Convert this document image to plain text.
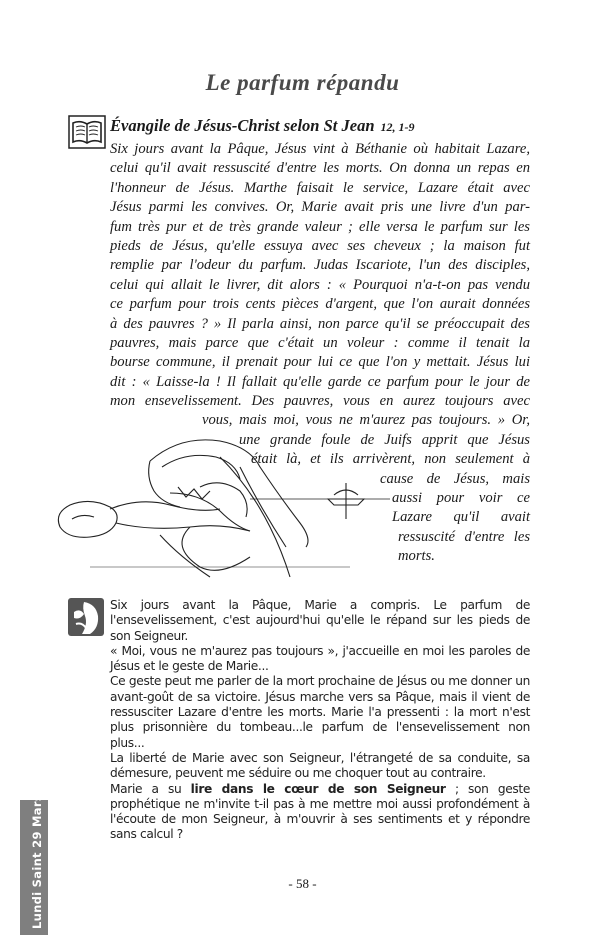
Le parfum répandu
Évangile de Jésus-Christ selon St Jean 12, 1-9
Six jours avant la Pâque, Jésus vint à Béthanie où habitait Lazare,
celui qu'il avait ressuscité d'entre les morts. On donna un repas en
l'honneur de Jésus. Marthe faisait le service, Lazare était avec
Jésus parmi les convives. Or, Marie avait pris une livre d'un par-
fum très pur et de très grande valeur ; elle versa le parfum sur les
pieds de Jésus, qu'elle essuya avec ses cheveux ; la maison fut
remplie par l'odeur du parfum. Judas Iscariote, l'un des disciples,
celui qui allait le livrer, dit alors : « Pourquoi n'a-t-on pas vendu
ce parfum pour trois cents pièces d'argent, que l'on aurait données
à des pauvres ? » Il parla ainsi, non parce qu'il se préoccupait des
pauvres, mais parce que c'était un voleur : comme il tenait la
bourse commune, il prenait pour lui ce que l'on y mettait. Jésus lui
dit : « Laisse-la ! Il fallait qu'elle garde ce parfum pour le jour de
mon ensevelissement. Des pauvres, vous en aurez toujours avec
vous, mais moi, vous ne m'aurez pas toujours. » Or,
une grande foule de Juifs apprit que Jésus
était là, et ils arrivèrent, non seulement à
cause de Jésus, mais
aussi pour voir ce
Lazare qu'il avait
ressuscité d'entre les
morts.

Six jours avant la Pâque, Marie a compris. Le parfum de l'ensevelissement, c'est aujourd'hui qu'elle le répand sur les pieds de son Seigneur.

« Moi, vous ne m'aurez pas toujours », j'accueille en moi les paroles de Jésus et le geste de Marie...

Ce geste peut me parler de la mort prochaine de Jésus ou me donner un avant-goût de sa victoire. Jésus marche vers sa Pâque, mais il vient de ressusciter Lazare d'entre les morts. Marie l'a pressenti : la mort n'est plus prisonnière du tombeau...le parfum de l'ensevelissement non plus...

La liberté de Marie avec son Seigneur, l'étrangeté de sa conduite, sa démesure, peuvent me séduire ou me choquer tout au contraire.

Marie a su lire dans le cœur de son Seigneur ; son geste prophétique ne m'invite t-il pas à me mettre moi aussi profondément à l'écoute de mon Seigneur, à m'ouvrir à ses sentiments et y répondre sans calcul ?

- 58 -
Lundi Saint 29 Mars
